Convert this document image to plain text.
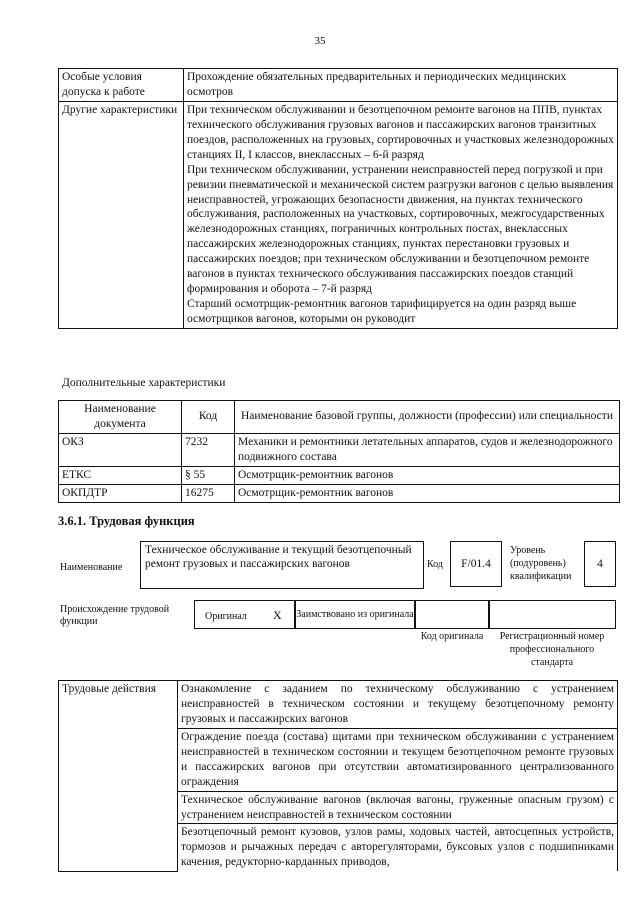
35
Особые условия допуска к работе	Прохождение обязательных предварительных и периодических медицинских осмотров

Другие характеристики	При техническом обслуживании и безотцепочном ремонте вагонов на ППВ, пунктах технического обслуживания грузовых вагонов и пассажирских вагонов транзитных поездов, расположенных на грузовых, сортировочных и участковых железнодорожных станциях II, I классов, внеклассных – 6-й разряд

При техническом обслуживании, устранении неисправностей перед погрузкой и при ревизии пневматической и механической систем разгрузки вагонов с целью выявления неисправностей, угрожающих безопасности движения, на пунктах технического обслуживания, расположенных на участковых, сортировочных, межгосударственных железнодорожных станциях, пограничных контрольных постах, внеклассных пассажирских железнодорожных станциях, пунктах перестановки грузовых и пассажирских поездов; при техническом обслуживании и безотцепочном ремонте вагонов в пунктах технического обслуживания пассажирских поездов станций формирования и оборота – 7-й разряд

Старший осмотрщик-ремонтник вагонов тарифицируется на один разряд выше осмотрщиков вагонов, которыми он руководит

Дополнительные характеристики
Наименование документа	Код	Наименование базовой группы, должности (профессии) или специальности
ОКЗ	7232	Механики и ремонтники летательных аппаратов, судов и железнодорожного подвижного состава
ЕТКС	§ 55	Осмотрщик-ремонтник вагонов
ОКПДТР	16275	Осмотрщик-ремонтник вагонов
3.6.1. Трудовая функция
Наименование
Техническое обслуживание и текущий безотцепочный ремонт грузовых и пассажирских вагонов	Код	F/01.4
Уровень (подуровень) квалификации
4
Происхождение трудовой функции	Оригинал X Заимствовано из оригинала
Код оригинала	Регистрационный номер профессионального стандарта
Трудовые действия	Ознакомление с заданием по техническому обслуживанию с устранением неисправностей в техническом состоянии и текущему безотцепочному ремонту грузовых и пассажирских вагонов
Ограждение поезда (состава) щитами при техническом обслуживании с устранением неисправностей в техническом состоянии и текущем безотцепочном ремонте грузовых и пассажирских вагонов при отсутствии автоматизированного централизованного ограждения
Техническое обслуживание вагонов (включая вагоны, груженные опасным грузом) с устранением неисправностей в техническом состоянии
Безотцепочный ремонт кузовов, узлов рамы, ходовых частей, автосцепных устройств, тормозов и рычажных передач с авторегуляторами, буксовых узлов с подшипниками качения, редукторно-карданных приводов,
